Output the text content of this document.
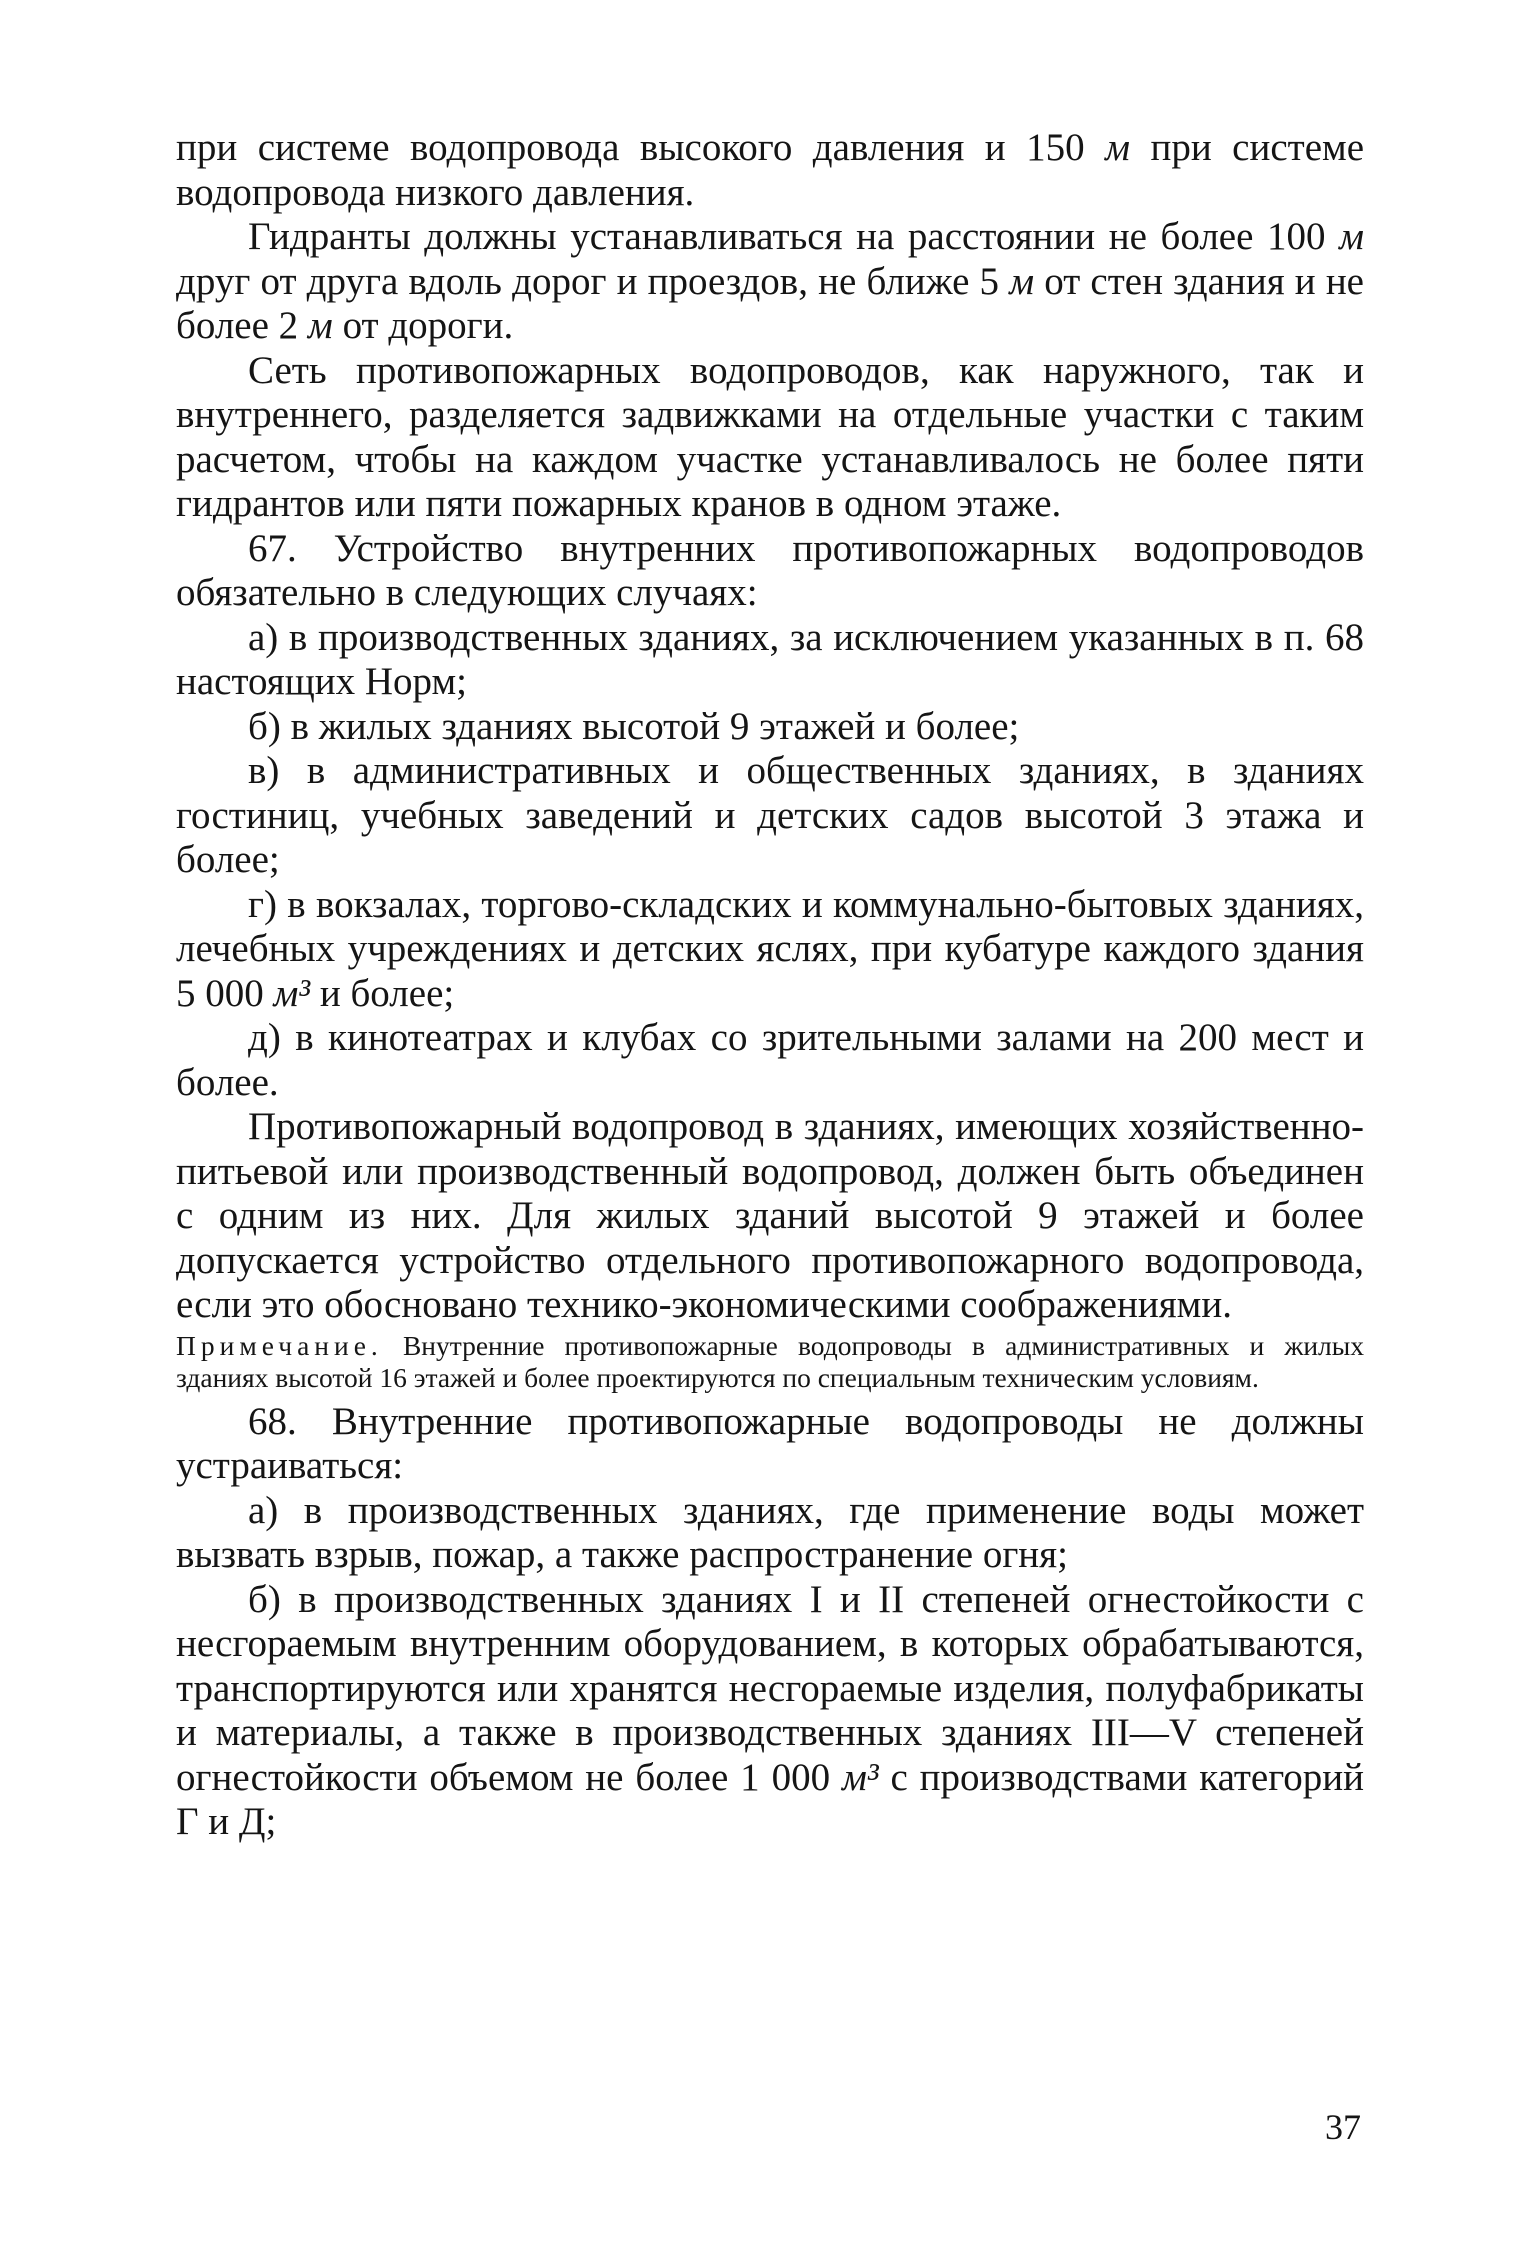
при системе водопровода высокого давления и 150 м при системе водопровода низкого давления.

Гидранты должны устанавливаться на расстоянии не более 100 м друг от друга вдоль дорог и проездов, не ближе 5 м от стен здания и не более 2 м от дороги.

Сеть противопожарных водопроводов, как наружного, так и внутреннего, разделяется задвижками на отдельные участки с таким расчетом, чтобы на каждом участке устанавливалось не более пяти гидрантов или пяти пожарных кранов в одном этаже.

67. Устройство внутренних противопожарных водопроводов обязательно в следующих случаях:

а) в производственных зданиях, за исключением указанных в п. 68 настоящих Норм;

б) в жилых зданиях высотой 9 этажей и более;

в) в административных и общественных зданиях, в зданиях гостиниц, учебных заведений и детских садов высотой 3 этажа и более;

г) в вокзалах, торгово-складских и коммунально-бытовых зданиях, лечебных учреждениях и детских яслях, при кубатуре каждого здания 5 000 м³ и более;

д) в кинотеатрах и клубах со зрительными залами на 200 мест и более.

Противопожарный водопровод в зданиях, имеющих хозяйственно-питьевой или производственный водопровод, должен быть объединен с одним из них. Для жилых зданий высотой 9 этажей и более допускается устройство отдельного противопожарного водопровода, если это обосновано технико-экономическими соображениями.

Примечание. Внутренние противопожарные водопроводы в административных и жилых зданиях высотой 16 этажей и более проектируются по специальным техническим условиям.

68. Внутренние противопожарные водопроводы не должны устраиваться:

а) в производственных зданиях, где применение воды может вызвать взрыв, пожар, а также распространение огня;

б) в производственных зданиях I и II степеней огнестойкости с несгораемым внутренним оборудованием, в которых обрабатываются, транспортируются или хранятся несгораемые изделия, полуфабрикаты и материалы, а также в производственных зданиях III—V степеней огнестойкости объемом не более 1 000 м³ с производствами категорий Г и Д;

37
